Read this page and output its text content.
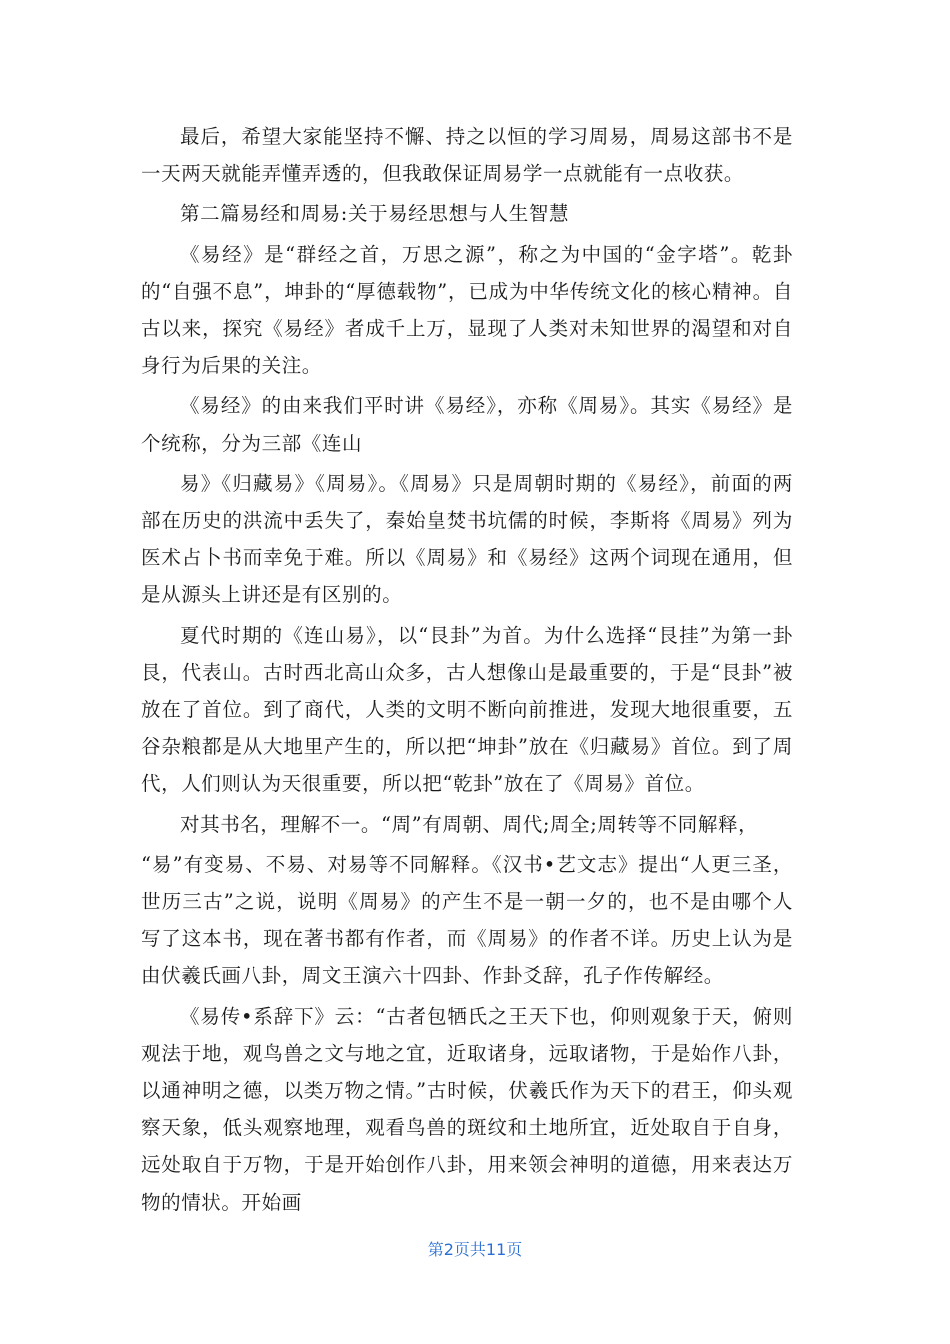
最后，希望大家能坚持不懈、持之以恒的学习周易，周易这部书不是一天两天就能弄懂弄透的，但我敢保证周易学一点就能有一点收获。

第二篇易经和周易:关于易经思想与人生智慧

《易经》是“群经之首，万思之源”，称之为中国的“金字塔”。乾卦的“自强不息”，坤卦的“厚德载物”，已成为中华传统文化的核心精神。自古以来，探究《易经》者成千上万，显现了人类对未知世界的渴望和对自身行为后果的关注。

《易经》的由来我们平时讲《易经》，亦称《周易》。其实《易经》是个统称，分为三部《连山

易》《归藏易》《周易》。《周易》只是周朝时期的《易经》，前面的两部在历史的洪流中丢失了，秦始皇焚书坑儒的时候，李斯将《周易》列为医术占卜书而幸免于难。所以《周易》和《易经》这两个词现在通用，但是从源头上讲还是有区别的。

夏代时期的《连山易》，以“艮卦”为首。为什么选择“艮挂”为第一卦艮，代表山。古时西北高山众多，古人想像山是最重要的，于是“艮卦”被放在了首位。到了商代，人类的文明不断向前推进，发现大地很重要，五谷杂粮都是从大地里产生的，所以把“坤卦”放在《归藏易》首位。到了周代，人们则认为天很重要，所以把“乾卦”放在了《周易》首位。

对其书名，理解不一。“周”有周朝、周代;周全;周转等不同解释，

“易”有变易、不易、对易等不同解释。《汉书•艺文志》提出“人更三圣，世历三古”之说，说明《周易》的产生不是一朝一夕的，也不是由哪个人写了这本书，现在著书都有作者，而《周易》的作者不详。历史上认为是由伏羲氏画八卦，周文王演六十四卦、作卦爻辞，孔子作传解经。

《易传•系辞下》云：“古者包牺氏之王天下也，仰则观象于天，俯则观法于地，观鸟兽之文与地之宜，近取诸身，远取诸物，于是始作八卦，以通神明之德，以类万物之情。”古时候，伏羲氏作为天下的君王，仰头观察天象，低头观察地理，观看鸟兽的斑纹和土地所宜，近处取自于自身，远处取自于万物，于是开始创作八卦，用来领会神明的道德，用来表达万物的情状。开始画

第2页共11页
